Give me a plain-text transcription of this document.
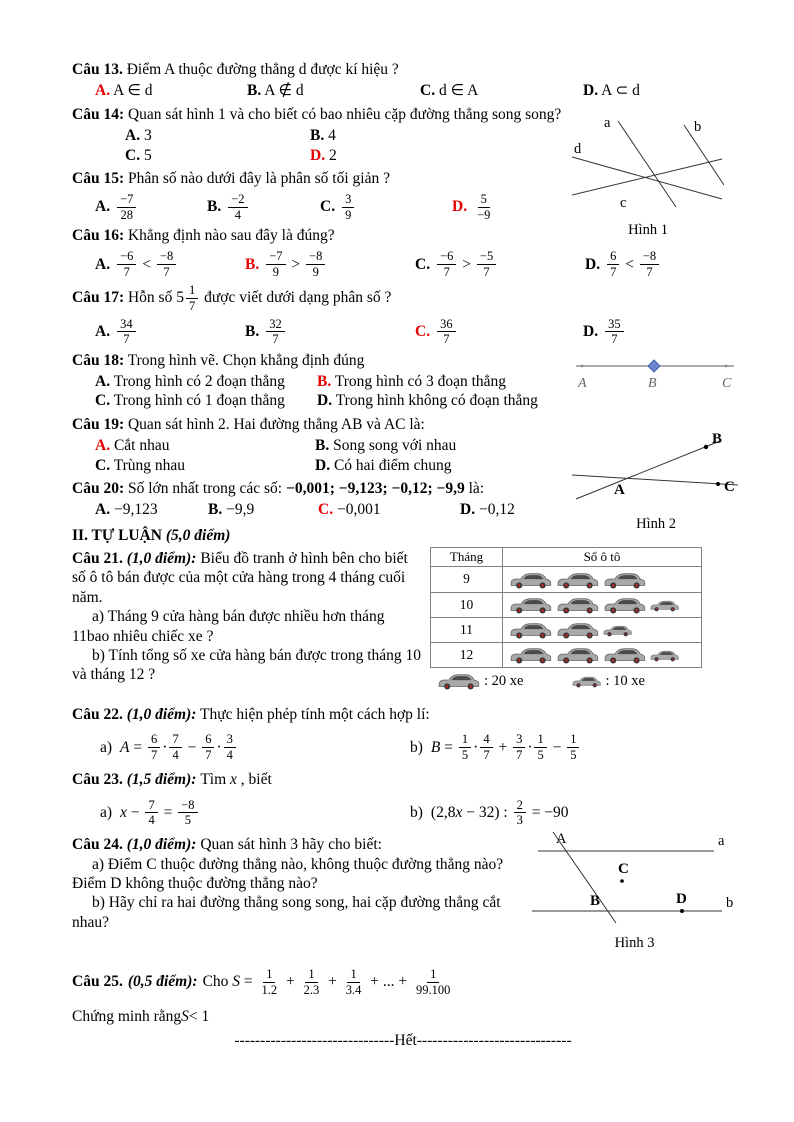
Câu 13. Điểm A thuộc đường thẳng d được kí hiệu ?

A. A ∈ d	B. A ∉ d	C. d ∈ A	D. A ⊂ d

Câu 14: Quan sát hình 1 và cho biết có bao nhiêu cặp đường thẳng song song?

A. 3	B. 4
C. 5	D. 2
a	b
d
c
Hình 1

Câu 15: Phân số nào dưới đây là phân số tối giản ?

A. $\frac{-7}{28}$	B. $\frac{-2}{4}$	C. $\frac{3}{9}$	D. $\frac{5}{-9}$

Câu 16: Khẳng định nào sau đây là đúng?

A. $\frac{-6}{7} < \frac{-8}{7}$	B. $\frac{-7}{9} > \frac{-8}{9}$	C. $\frac{-6}{7} > \frac{-5}{7}$	D. $\frac{6}{7} < \frac{-8}{7}$

Câu 17:
Hỗn số $5 \frac{1}{7}$ được viết dưới dạng phân số ?

A. $\frac{34}{7}$	B. $\frac{32}{7}$	C. $\frac{36}{7}$	D. $\frac{35}{7}$

Câu 18: Trong hình vẽ. Chọn khẳng định đúng

A. Trong hình có 2 đoạn thẳng	B. Trong hình có 3 đoạn thẳng
C. Trong hình có 1 đoạn thẳng	D. Trong hình không có đoạn thẳng
A	B	C

Câu 19: Quan sát hình 2. Hai đường thẳng AB và AC là:

A. Cắt nhau	B. Song song với nhau
C. Trùng nhau	D. Có hai điểm chung
A
B
C
Hình 2

Câu 20: Số lớn nhất trong các số: −0,001; −9,123; −0,12; −9,9 là:

A. −9,123	B. −9,9	C. −0,001	D. −0,12

II. TỰ LUẬN (5,0 điểm)

Câu 21. (1,0 điểm): Biểu đồ tranh ở hình bên cho biết số ô tô bán được của một cửa hàng trong 4 tháng cuối năm.

a) Tháng 9 cửa hàng bán được nhiều hơn tháng 11bao nhiêu chiếc xe ?

b) Tính tổng số xe cửa hàng bán được trong tháng 10 và tháng 12 ?

Tháng	Số ô tô
9
10
11
12
: 20 xe	: 10 xe

Câu 22. (1,0 điểm): Thực hiện phép tính một cách hợp lí:

a) $A = \frac{6}{7} \cdot \frac{7}{4} - \frac{6}{7} \cdot \frac{3}{4}$	b) $B = \frac{1}{5} \cdot \frac{4}{7} + \frac{3}{7} \cdot \frac{1}{5} - \frac{1}{5}$

Câu 23.
(1,5 điểm):
Tìm x , biết

a) $x - \frac{7}{4} = \frac{-8}{5}$	b) (2,8 x − 32) : $\frac{2}{3} = -90$

Câu 24. (1,0 điểm): Quan sát hình 3 hãy cho biết:

a) Điểm C thuộc đường thẳng nào, không thuộc đường thẳng nào? Điểm D không thuộc đường thẳng nào?

b) Hãy chỉ ra hai đường thẳng song song, hai cặp đường thẳng cắt nhau?

A	a
C
B	D	b
Hình 3

Câu 25. (0,5 điểm): Cho $S = \frac{1}{1.2} + \frac{1}{2.3} + \frac{1}{3.4}$ + ... + $\frac{1}{99.100}$

Chứng minh rằng S < 1

-------------------------------Hết------------------------------
